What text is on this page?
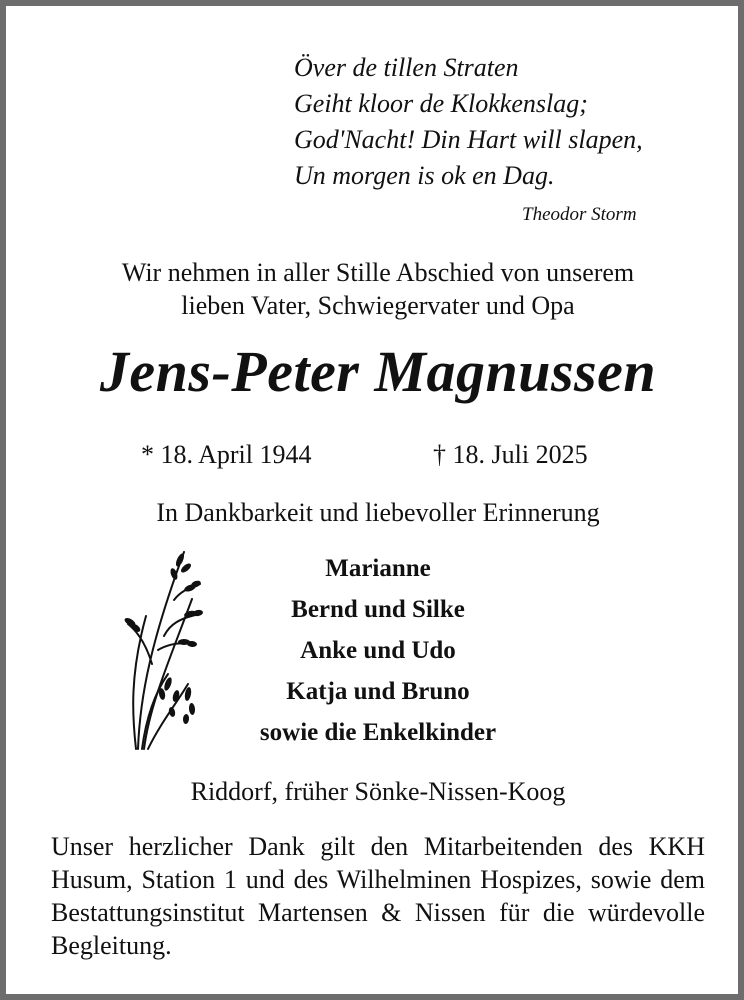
Över de tillen Straten
Geiht kloor de Klokkenslag;
God'Nacht! Din Hart will slapen,
Un morgen is ok en Dag.
Theodor Storm
Wir nehmen in aller Stille Abschied von unserem
lieben Vater, Schwiegervater und Opa
Jens-Peter Magnussen
* 18. April 1944	† 18. Juli 2025
In Dankbarkeit und liebevoller Erinnerung
Marianne
Bernd und Silke
Anke und Udo
Katja und Bruno
sowie die Enkelkinder
Riddorf, früher Sönke-Nissen-Koog
Unser herzlicher Dank gilt den Mitarbeitenden des KKH Husum, Station 1 und des Wilhelminen Hospizes, sowie dem Bestattungsinstitut Martensen & Nissen für die würdevolle Begleitung.
